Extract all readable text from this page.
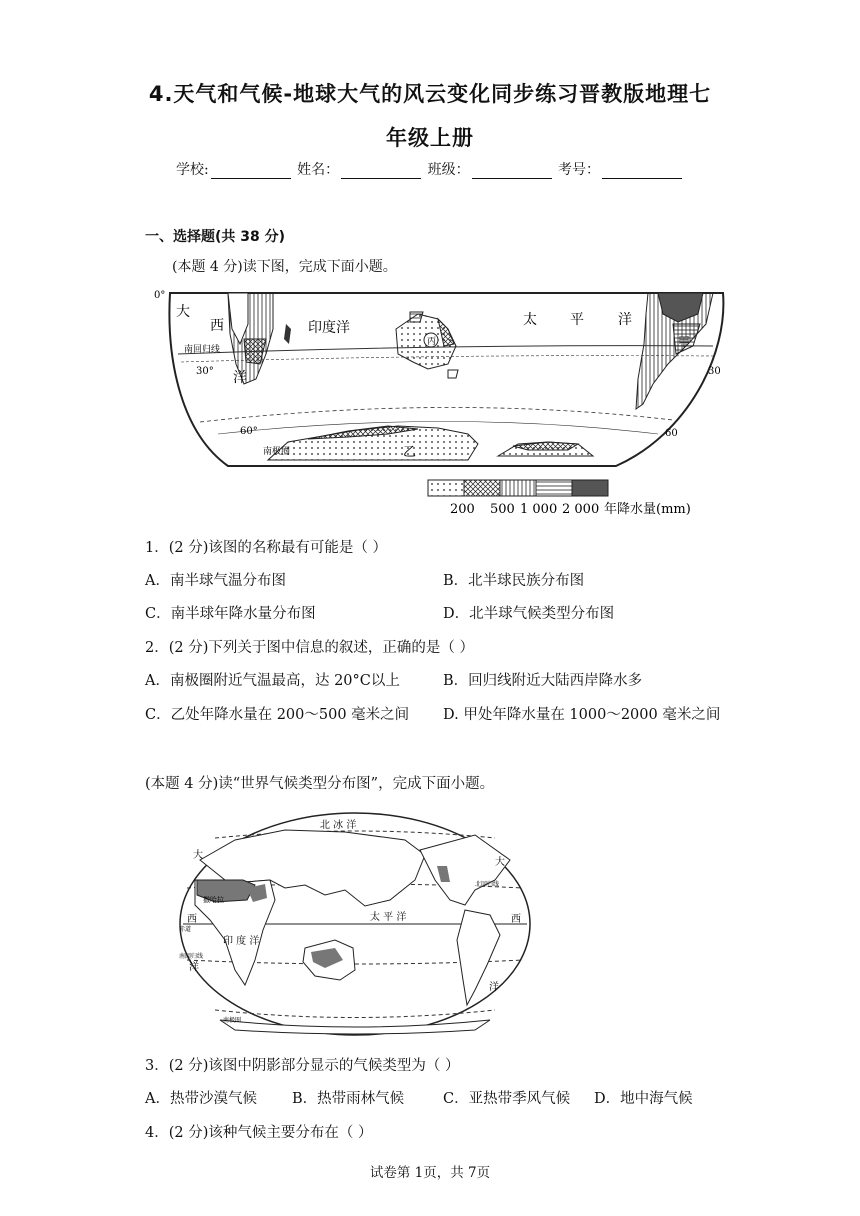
4.天气和气候-地球大气的风云变化同步练习晋教版地理七
年级上册
学校:	姓名：	班级：	考号：
一、选择题(共 38 分)
(本题 4 分)读下图，完成下面小题。
0°
丙	甲
乙
大
西
洋
印度洋	太 平 洋
南回归线
30°	30
60°	60
南极圈
200 500 1 000 2 000 年降水量(mm)
1．(2 分)该图的名称最有可能是（ ）
A．南半球气温分布图	B．北半球民族分布图
C．南半球年降水量分布图	D．北半球气候类型分布图
2．(2 分)下列关于图中信息的叙述，正确的是（ ）
A．南极圈附近气温最高，达 20°C以上	B．回归线附近大陆西岸降水多
C．乙处年降水量在 200～500 毫米之间 D. 甲处年降水量在 1000～2000 毫米之间
(本题 4 分)读“世界气候类型分布图”，完成下面小题。
撒哈拉
北 冰 洋
大
西
洋
大
西
洋
太 平 洋
印 度 洋
赤道
北回归线
南回归线
南极圈
3．(2 分)该图中阴影部分显示的气候类型为（ ）
A．热带沙漠气候 B．热带雨林气候	C．亚热带季风气候 D．地中海气候
4．(2 分)该种气候主要分布在（ ）
试卷第 1页，共 7页
